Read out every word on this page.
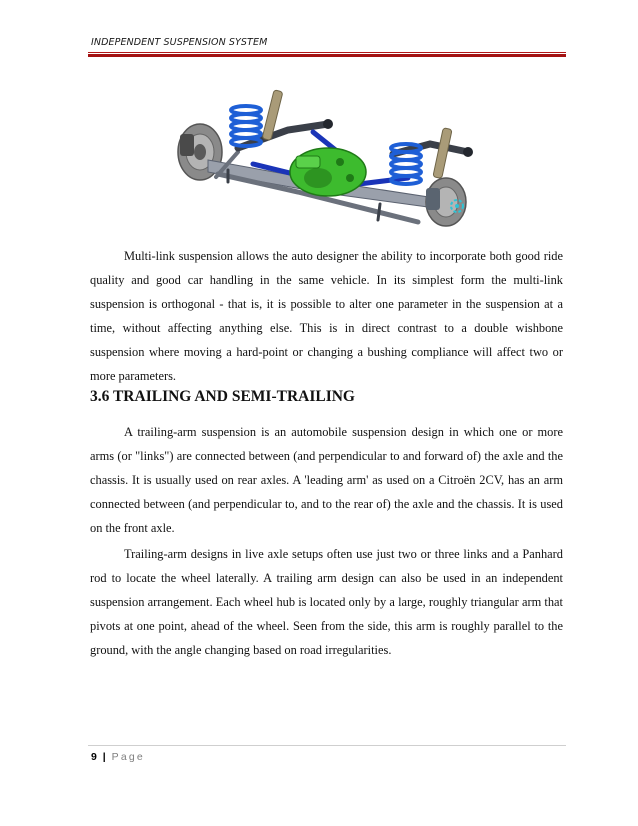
INDEPENDENT SUSPENSION SYSTEM

Multi-link suspension allows the auto designer the ability to incorporate both good ride quality and good car handling in the same vehicle. In its simplest form the multi-link suspension is orthogonal - that is, it is possible to alter one parameter in the suspension at a time, without affecting anything else. This is in direct contrast to a double wishbone suspension where moving a hard-point or changing a bushing compliance will affect two or more parameters.

3.6 TRAILING AND SEMI-TRAILING

A trailing-arm suspension is an automobile suspension design in which one or more arms (or "links") are connected between (and perpendicular to and forward of) the axle and the chassis. It is usually used on rear axles. A 'leading arm' as used on a Citroën 2CV, has an arm connected between (and perpendicular to, and to the rear of) the axle and the chassis. It is used on the front axle.

Trailing-arm designs in live axle setups often use just two or three links and a Panhard rod to locate the wheel laterally. A trailing arm design can also be used in an independent suspension arrangement. Each wheel hub is located only by a large, roughly triangular arm that pivots at one point, ahead of the wheel. Seen from the side, this arm is roughly parallel to the ground, with the angle changing based on road irregularities.

9 | Page
